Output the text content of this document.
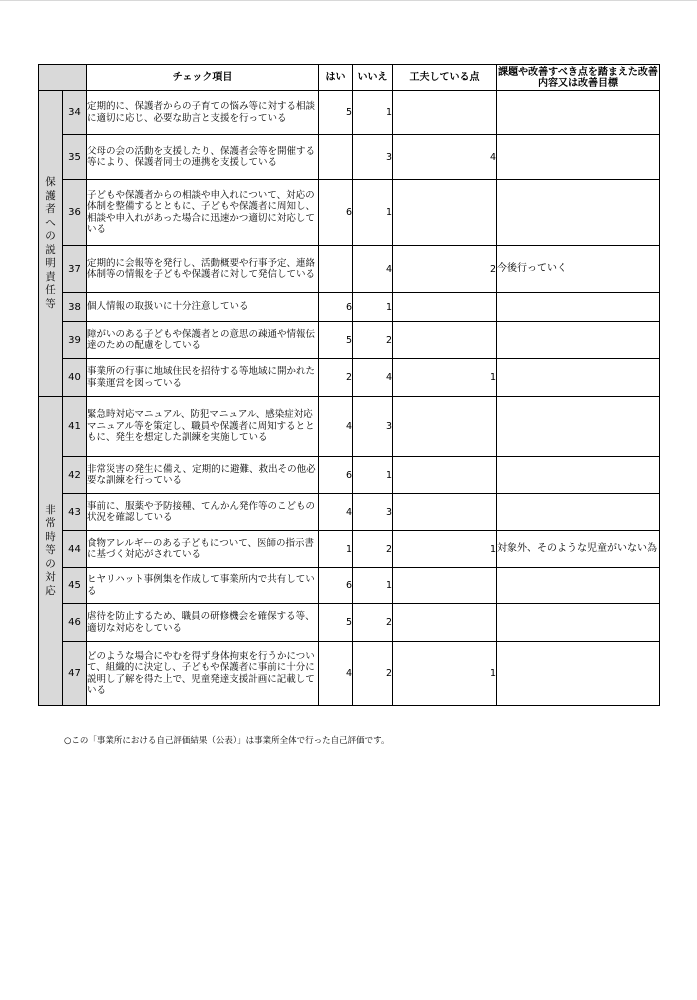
		チェック項目	はい	いいえ	工夫している点	課題や改善すべき点を踏まえた改善内容又は改善目標
保護者への説明責任等	34	定期的に、保護者からの子育ての悩み等に対する相談に適切に応じ、必要な助言と支援を行っている	5	1		
	35	父母の会の活動を支援したり、保護者会等を開催する等により、保護者同士の連携を支援している		3	4	
	36	子どもや保護者からの相談や申入れについて、対応の体制を整備するとともに、子どもや保護者に周知し、相談や申入れがあった場合に迅速かつ適切に対応している	6	1		
	37	定期的に会報等を発行し、活動概要や行事予定、連絡体制等の情報を子どもや保護者に対して発信している		4	2	今後行っていく
	38	個人情報の取扱いに十分注意している	6	1		
	39	障がいのある子どもや保護者との意思の疎通や情報伝達のための配慮をしている	5	2		
	40	事業所の行事に地域住民を招待する等地域に開かれた事業運営を図っている	2	4	1	
非常時等の対応	41	緊急時対応マニュアル、防犯マニュアル、感染症対応マニュアル等を策定し、職員や保護者に周知するとともに、発生を想定した訓練を実施している	4	3		
	42	非常災害の発生に備え、定期的に避難、救出その他必要な訓練を行っている	6	1		
	43	事前に、服薬や予防接種、てんかん発作等のこどもの状況を確認している	4	3		
	44	食物アレルギーのある子どもについて、医師の指示書に基づく対応がされている	1	2	1	対象外、そのような児童がいない為
	45	ヒヤリハット事例集を作成して事業所内で共有している	6	1		
	46	虐待を防止するため、職員の研修機会を確保する等、適切な対応をしている	5	2		
	47	どのような場合にやむを得ず身体拘束を行うかについて、組織的に決定し、子どもや保護者に事前に十分に説明し了解を得た上で、児童発達支援計画に記載している	4	2	1	
○この「事業所における自己評価結果（公表）」は事業所全体で行った自己評価です。
